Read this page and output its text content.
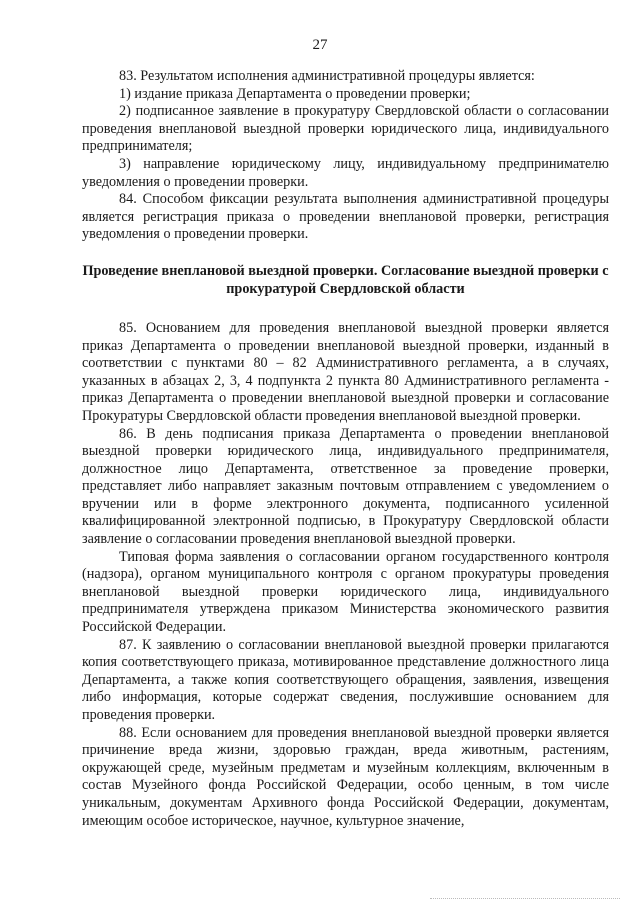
27

83. Результатом исполнения административной процедуры является:

1) издание приказа Департамента о проведении проверки;

2) подписанное заявление в прокуратуру Свердловской области о согласовании проведения внеплановой выездной проверки юридического лица, индивидуального предпринимателя;

3) направление юридическому лицу, индивидуальному предпринимателю уведомления о проведении проверки.

84. Способом фиксации результата выполнения административной процедуры является регистрация приказа о проведении внеплановой проверки, регистрация уведомления о проведении проверки.

Проведение внеплановой выездной проверки. Согласование выездной проверки с прокуратурой Свердловской области

85. Основанием для проведения внеплановой выездной проверки является приказ Департамента о проведении внеплановой выездной проверки, изданный в соответствии с пунктами 80 – 82 Административного регламента, а в случаях, указанных в абзацах 2, 3, 4 подпункта 2 пункта 80 Административного регламента - приказ Департамента о проведении внеплановой выездной проверки и согласование Прокуратуры Свердловской области проведения внеплановой выездной проверки.

86. В день подписания приказа Департамента о проведении внеплановой выездной проверки юридического лица, индивидуального предпринимателя, должностное лицо Департамента, ответственное за проведение проверки, представляет либо направляет заказным почтовым отправлением с уведомлением о вручении или в форме электронного документа, подписанного усиленной квалифицированной электронной подписью, в Прокуратуру Свердловской области заявление о согласовании проведения внеплановой выездной проверки.

Типовая форма заявления о согласовании органом государственного контроля (надзора), органом муниципального контроля с органом прокуратуры проведения внеплановой выездной проверки юридического лица, индивидуального предпринимателя утверждена приказом Министерства экономического развития Российской Федерации.

87. К заявлению о согласовании внеплановой выездной проверки прилагаются копия соответствующего приказа, мотивированное представление должностного лица Департамента, а также копия соответствующего обращения, заявления, извещения либо информация, которые содержат сведения, послужившие основанием для проведения проверки.

88. Если основанием для проведения внеплановой выездной проверки является причинение вреда жизни, здоровью граждан, вреда животным, растениям, окружающей среде, музейным предметам и музейным коллекциям, включенным в состав Музейного фонда Российской Федерации, особо ценным, в том числе уникальным, документам Архивного фонда Российской Федерации, документам, имеющим особое историческое, научное, культурное значение,
